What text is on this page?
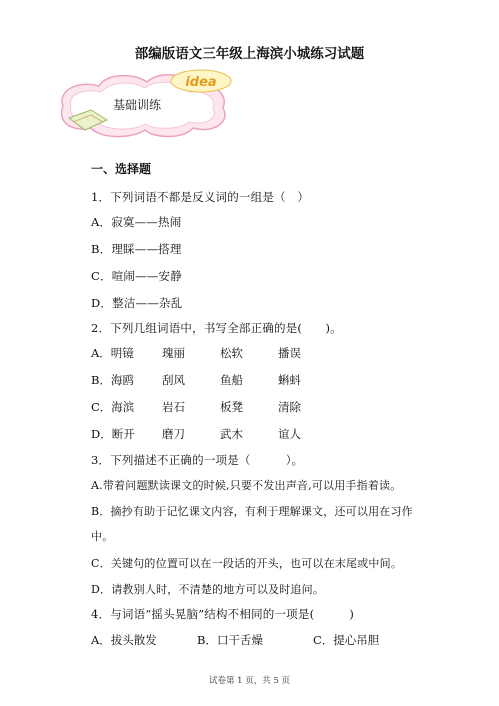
部编版语文三年级上海滨小城练习试题
idea
基础训练
一、选择题
1．下列词语不都是反义词的一组是（　）
A．寂寞——热闹
B．理睬——搭理
C．喧闹——安静
D．整洁——杂乱
2．下列几组词语中，书写全部正确的是(　　)。
A．明镜 瑰丽	松软	播误
B．海鸥 刮风	鱼船	蝌蚪
C．海滨 岩石	板凳	清除
D．断开 磨刀	武木	谊人
3．下列描述不正确的一项是（　　　）。
A.带着问题默读课文的时候,只要不发出声音,可以用手指着读。
B．摘抄有助于记忆课文内容，有利于理解课文，还可以用在习作
中。
C．关键句的位置可以在一段话的开头，也可以在末尾或中间。
D．请教别人时，不清楚的地方可以及时追问。
4．与词语“摇头晃脑”结构不相同的一项是(　　　)
A．拔头散发	B．口干舌燥	C．提心吊胆
试卷第 1 页，共 5 页
